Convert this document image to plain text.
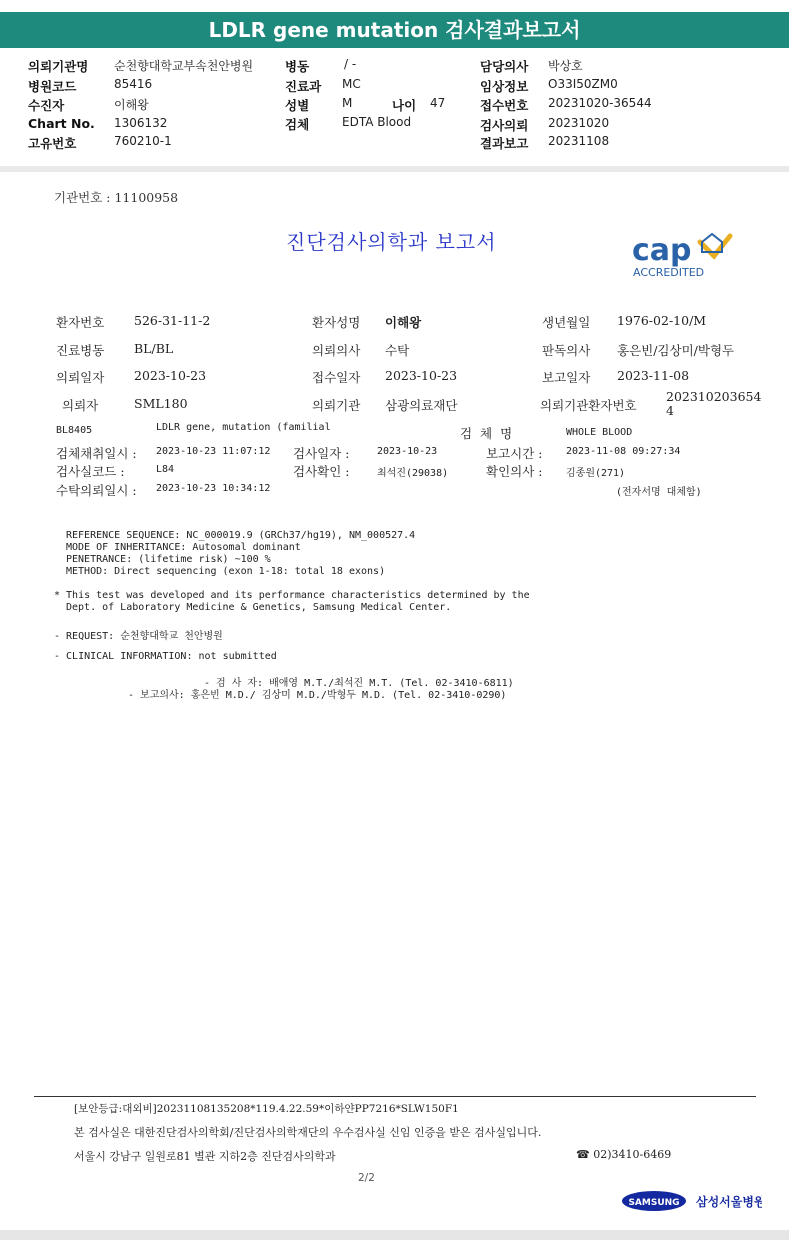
LDLR gene mutation 검사결과보고서
의뢰기관명 순천향대학교부속천안병원
병원코드	85416
수진자	이해왕
Chart No. 1306132
고유번호	760210-1
병동	/ -
진료과 MC
성별	M	나이 47
검체	EDTA Blood
담당의사 박상호
임상정보 O33I50ZM0
접수번호 20231020-36544
검사의뢰 20231020
결과보고 20231108
기관번호 : 11100958
진단검사의학과 보고서	cap
ACCREDITED
환자번호 526-31-11-2	환자성명 이해왕	생년월일 1976-02-10/M
진료병동 BL/BL	의뢰의사 수탁	판독의사 홍은빈/김상미/박형두
의뢰일자 2023-10-23	접수일자 2023-10-23	보고일자 2023-11-08
의뢰자	SML180	의뢰기관 삼광의료재단	의뢰기관환자번호
202310203654
4
BL8405	LDLR gene, mutation (familial	검 체 명	WHOLE BLOOD
검체채취일시 : 2023-10-23 11:07:12 검사일자 :	2023-10-23	보고시간 : 2023-11-08 09:27:34
검사실코드 :	L84	검사확인 :	최석진(29038)	확인의사 : 김종원(271)
수탁의뢰일시 : 2023-10-23 10:34:12	(전자서명 대체함)
REFERENCE SEQUENCE: NC_000019.9 (GRCh37/hg19), NM_000527.4
MODE OF INHERITANCE: Autosomal dominant
PENETRANCE: (lifetime risk) ~100 %
METHOD: Direct sequencing (exon 1-18: total 18 exons)
* This test was developed and its performance characteristics determined by the
Dept. of Laboratory Medicine & Genetics, Samsung Medical Center.
- REQUEST: 순천향대학교 천안병원
- CLINICAL INFORMATION: not submitted
- 검 사 자: 배애영 M.T./최석진 M.T. (Tel. 02-3410-6811)
- 보고의사: 홍은빈 M.D./ 김상미 M.D./박형두 M.D. (Tel. 02-3410-0290)
[보안등급:대외비]20231108135208*119.4.22.59*이하얀PP7216*SLW150F1
본 검사실은 대한진단검사의학회/진단검사의학재단의 우수검사실 신임 인증을 받은 검사실입니다.
서울시 강남구 일원로81 별관 지하2층 진단검사의학과	☎ 02)3410-6469
2/2
SAMSUNG 삼성서울병원
